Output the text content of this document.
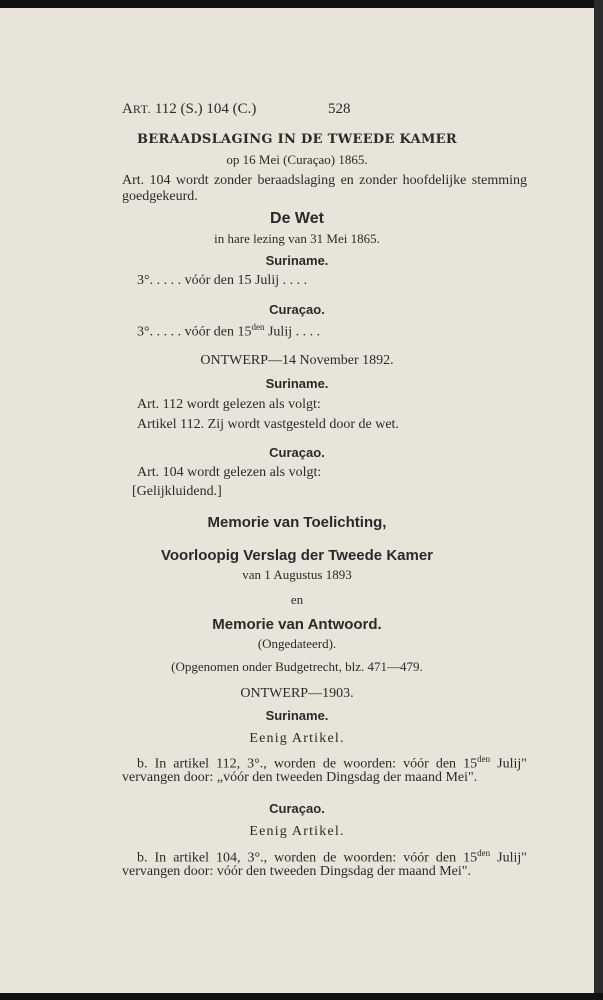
ART. 112 (S.) 104 (C.)	528
BERAADSLAGING IN DE TWEEDE KAMER
op 16 Mei (Curaçao) 1865.
Art. 104 wordt zonder beraadslaging en zonder hoofdelijke stemming
goedgekeurd.
De Wet
in hare lezing van 31 Mei 1865.
Suriname.
3°. . . . . vóór den 15 Julij . . . .
Curaçao.
3°. . . . . vóór den $15^{den}$ Julij . . . .
ONTWERP—14 November 1892.
Suriname.
Art. 112 wordt gelezen als volgt:
Artikel 112. Zij wordt vastgesteld door de wet.
Curaçao.
Art. 104 wordt gelezen als volgt:
[Gelijkluidend.]
Memorie van Toelichting,
Voorloopig Verslag der Tweede Kamer
van 1 Augustus 1893
en
Memorie van Antwoord.
(Ongedateerd).
(Opgenomen onder Budgetrecht, blz. 471—479.
ONTWERP—1903.
Suriname.
Eenig Artikel.
b. In artikel 112, 3°., worden de woorden: vóór den $15^{den}$ Julij"
vervangen door: „vóór den tweeden Dingsdag der maand Mei".
Curaçao.
Eenig Artikel.
b. In artikel 104, 3°., worden de woorden: vóór den $15^{den}$ Julij"
vervangen door: vóór den tweeden Dingsdag der maand Mei".
